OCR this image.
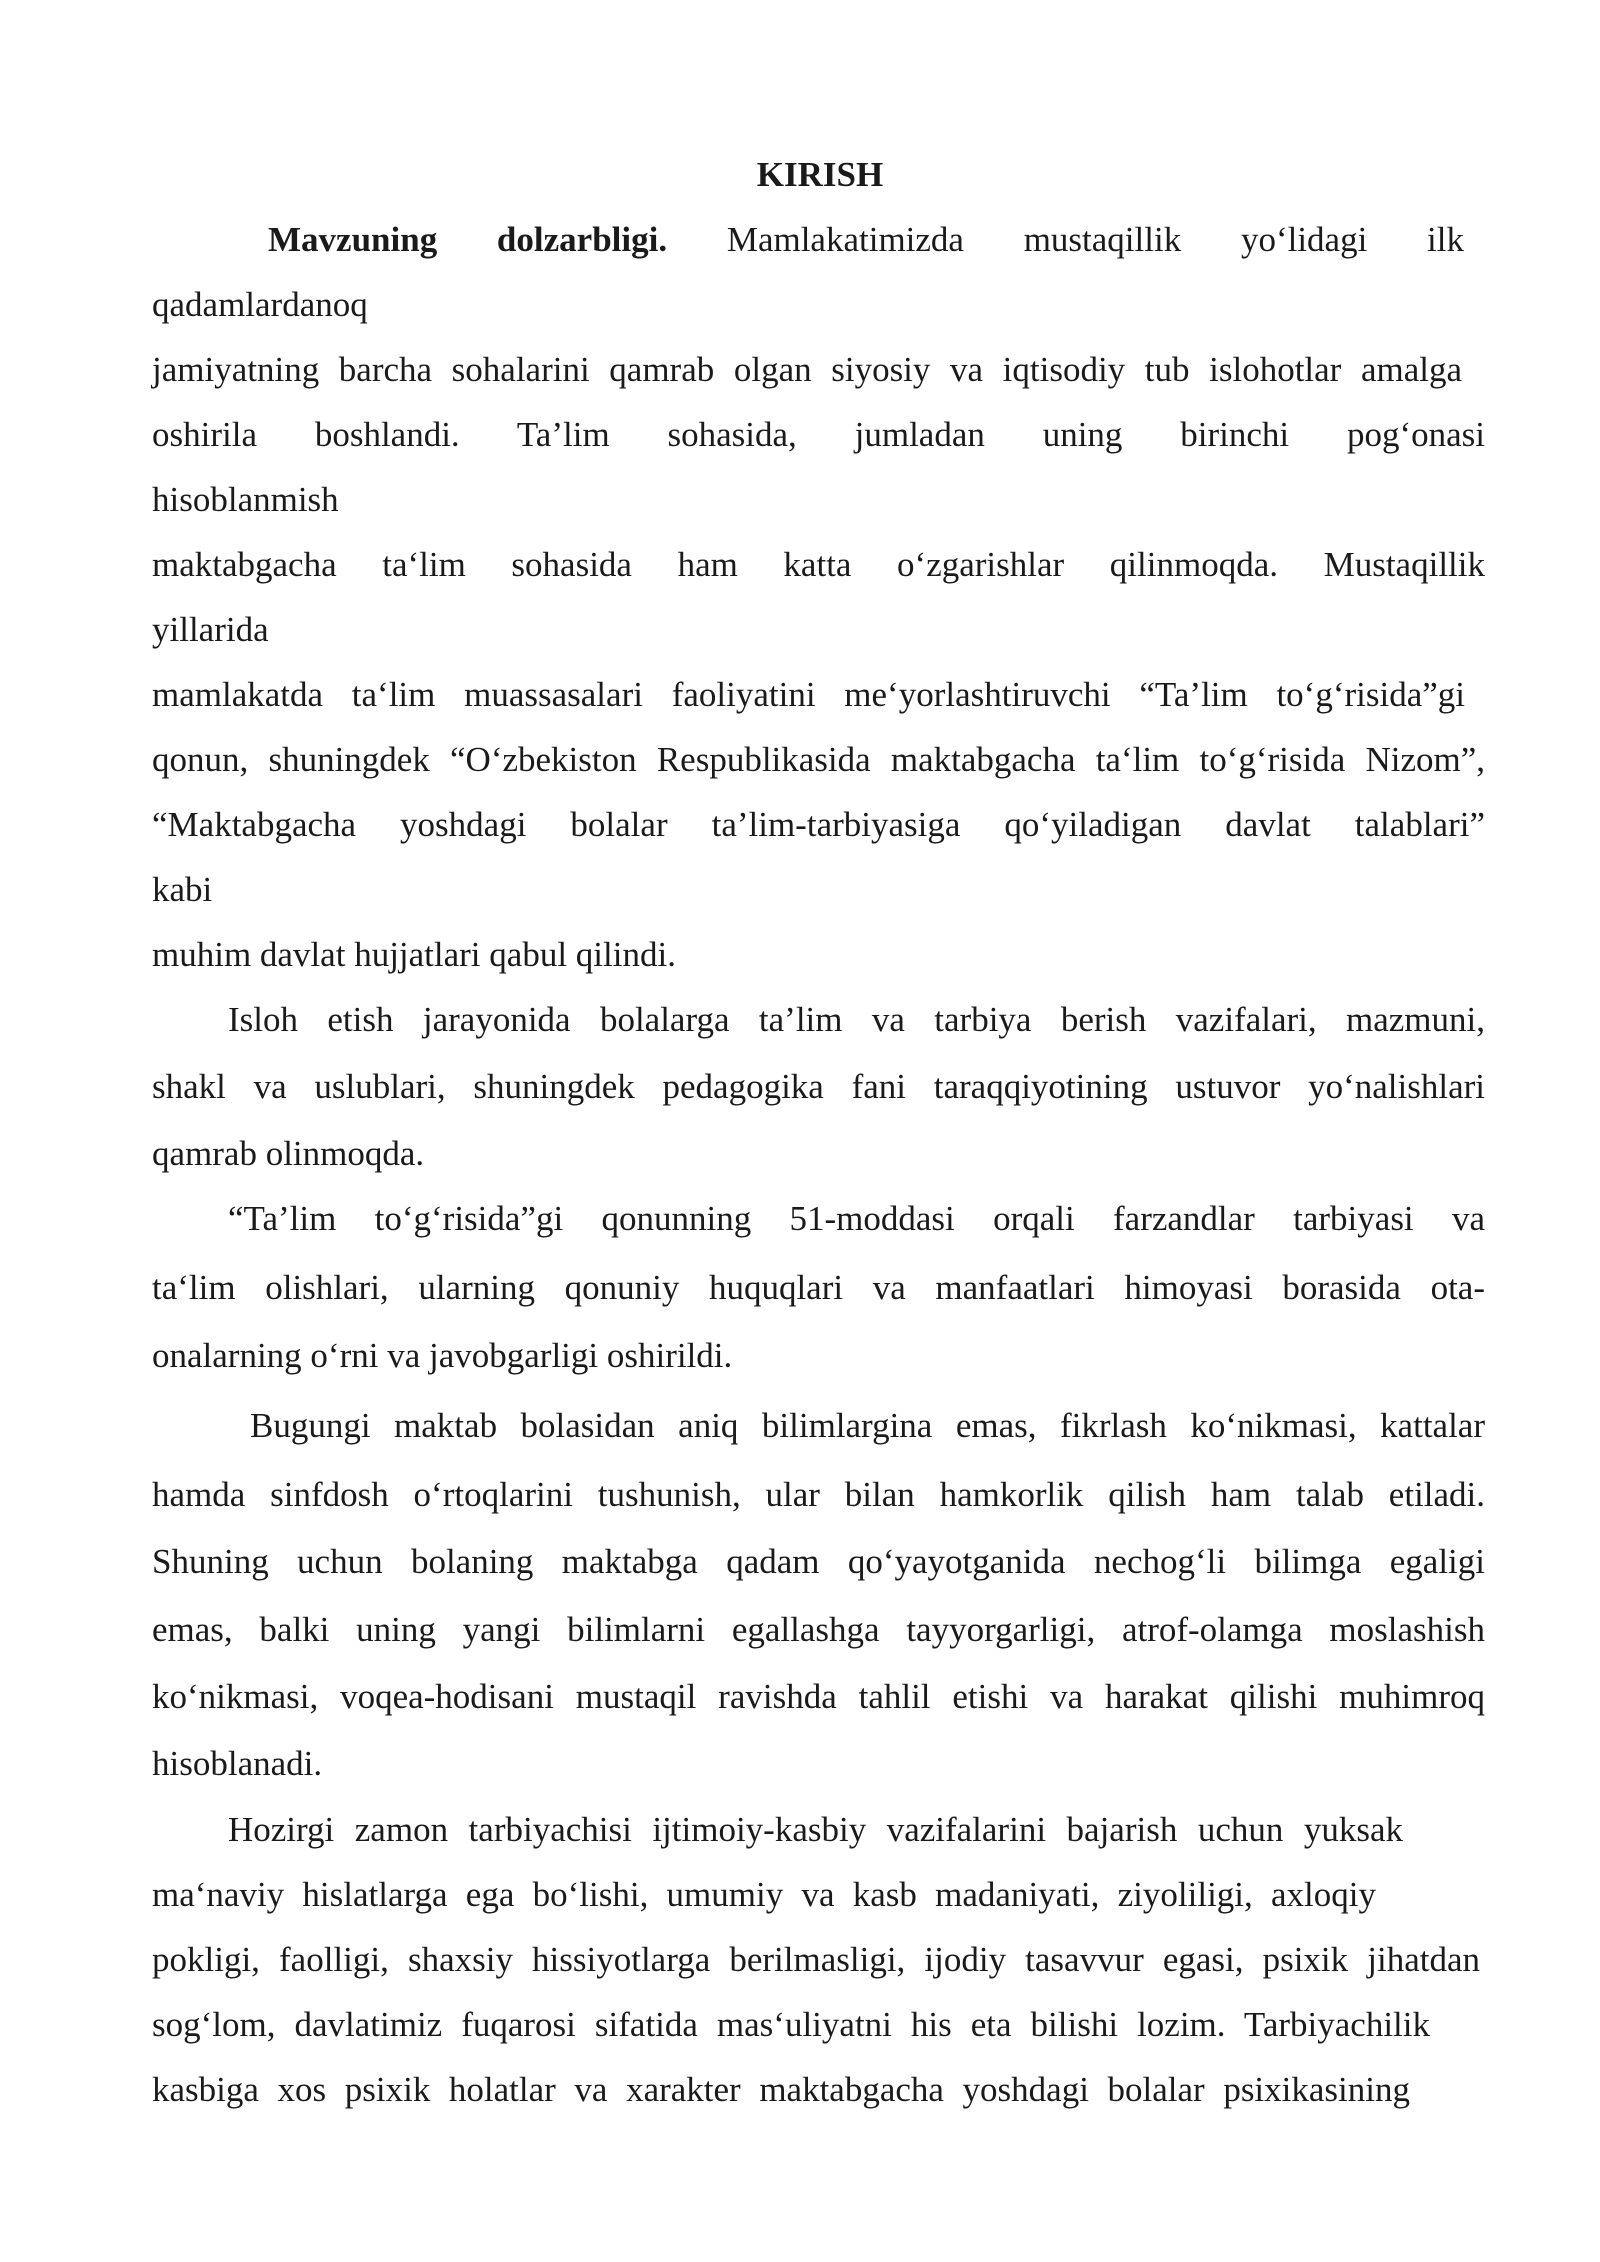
KIRISH
Mavzuning dolzarbligi. Mamlakatimizda mustaqillik yo‘lidagi ilk
qadamlardanoq
jamiyatning barcha sohalarini qamrab olgan siyosiy va iqtisodiy tub islohotlar amalga
oshirila boshlandi. Ta’lim sohasida, jumladan uning birinchi pog‘onasi
hisoblanmish
maktabgacha ta‘lim sohasida ham katta o‘zgarishlar qilinmoqda. Mustaqillik
yillarida
mamlakatda ta‘lim muassasalari faoliyatini me‘yorlashtiruvchi “Ta’lim to‘g‘risida”gi
qonun, shuningdek “O‘zbekiston Respublikasida maktabgacha ta‘lim to‘g‘risida Nizom”,
“Maktabgacha yoshdagi bolalar ta’lim-tarbiyasiga qo‘yiladigan davlat talablari”
kabi
muhim davlat hujjatlari qabul qilindi.
Isloh etish jarayonida bolalarga ta’lim va tarbiya berish vazifalari, mazmuni,
shakl va uslublari, shuningdek pedagogika fani taraqqiyotining ustuvor yoʻnalishlari
qamrab olinmoqda.
“Ta’lim toʻgʻrisida”gi qonunning 51-moddasi orqali farzandlar tarbiyasi va
taʻlim olishlari, ularning qonuniy huquqlari va manfaatlari himoyasi borasida ota-
onalarning oʻrni va javobgarligi oshirildi.
Bugungi maktab bolasidan aniq bilimlargina emas, fikrlash koʻnikmasi, kattalar
hamda sinfdosh oʻrtoqlarini tushunish, ular bilan hamkorlik qilish ham talab etiladi.
Shuning uchun bolaning maktabga qadam qoʻyayotganida nechog‘li bilimga egaligi
emas, balki uning yangi bilimlarni egallashga tayyorgarligi, atrof-olamga moslashish
koʻnikmasi, voqea-hodisani mustaqil ravishda tahlil etishi va harakat qilishi muhimroq
hisoblanadi.
Hozirgi zamon tarbiyachisi ijtimoiy-kasbiy vazifalarini bajarish uchun yuksak
ma‘naviy hislatlarga ega bo‘lishi, umumiy va kasb madaniyati, ziyoliligi, axloqiy
pokligi, faolligi, shaxsiy hissiyotlarga berilmasligi, ijodiy tasavvur egasi, psixik jihatdan
sog‘lom, davlatimiz fuqarosi sifatida mas‘uliyatni his eta bilishi lozim. Tarbiyachilik
kasbiga xos psixik holatlar va xarakter maktabgacha yoshdagi bolalar psixikasining
